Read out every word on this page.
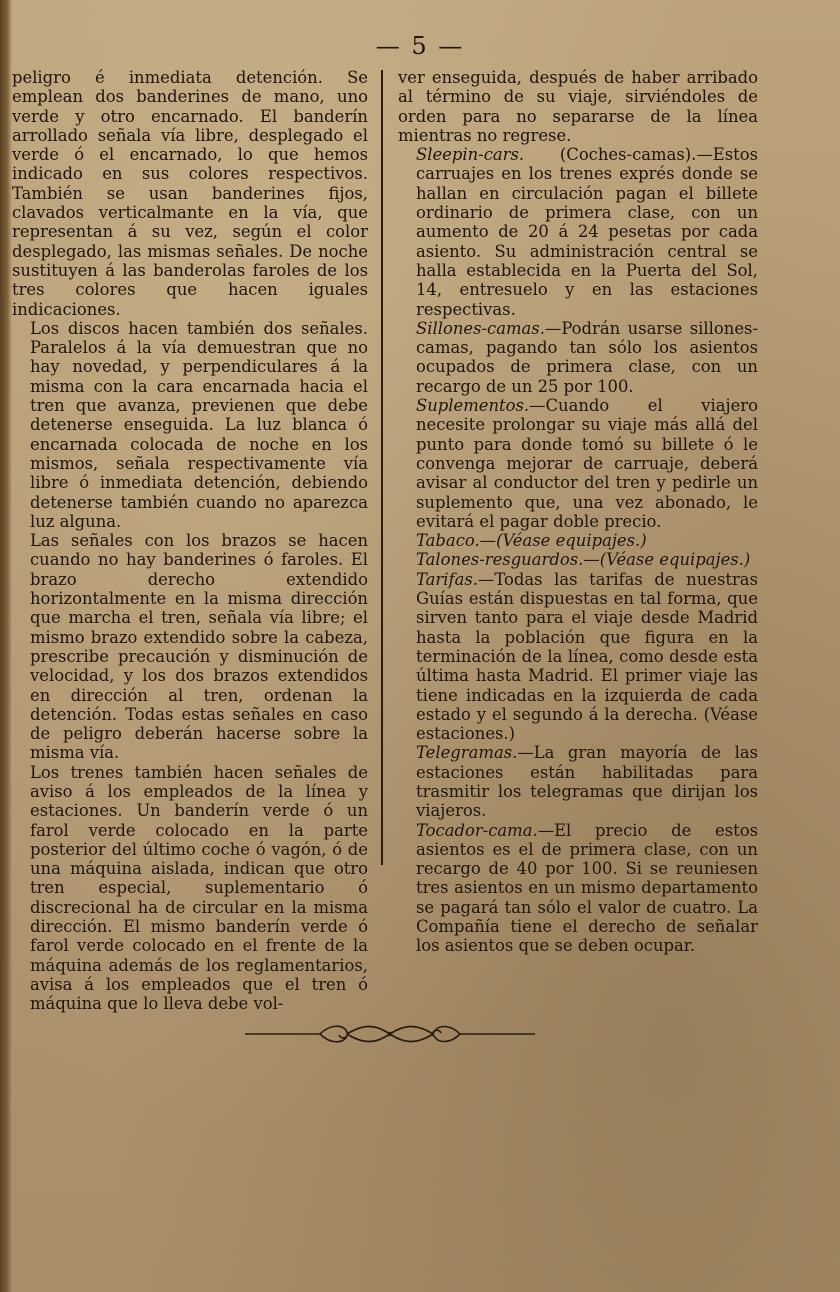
— 5 —

peligro é inmediata detención. Se emplean dos banderines de mano, uno verde y otro encarnado. El banderín arrollado señala vía libre, desplegado el verde ó el encarnado, lo que hemos indicado en sus colores respectivos. También se usan banderines fijos, clavados verticalmante en la vía, que representan á su vez, según el color desplegado, las mismas señales. De noche sustituyen á las banderolas faroles de los tres colores que hacen iguales indicaciones.

Los discos hacen también dos señales. Paralelos á la vía demuestran que no hay novedad, y perpendiculares á la misma con la cara encarnada hacia el tren que avanza, previenen que debe detenerse enseguida. La luz blanca ó encarnada colocada de noche en los mismos, señala respectivamente vía libre ó inmediata detención, debiendo detenerse también cuando no aparezca luz alguna.

Las señales con los brazos se hacen cuando no hay banderines ó faroles. El brazo derecho extendido horizontalmente en la misma dirección que marcha el tren, señala vía libre; el mismo brazo extendido sobre la cabeza, prescribe precaución y disminución de velocidad, y los dos brazos extendidos en dirección al tren, ordenan la detención. Todas estas señales en caso de peligro deberán hacerse sobre la misma vía.

Los trenes también hacen señales de aviso á los empleados de la línea y estaciones. Un banderín verde ó un farol verde colocado en la parte posterior del último coche ó vagón, ó de una máquina aislada, indican que otro tren especial, suplementario ó discrecional ha de circular en la misma dirección. El mismo banderín verde ó farol verde colocado en el frente de la máquina además de los reglamentarios, avisa á los empleados que el tren ó máquina que lo lleva debe vol-

ver enseguida, después de haber arribado al término de su viaje, sirviéndoles de orden para no separarse de la línea mientras no regrese.

Sleepin-cars. (Coches-camas).—Estos carruajes en los trenes exprés donde se hallan en circulación pagan el billete ordinario de primera clase, con un aumento de 20 á 24 pesetas por cada asiento. Su administración central se halla establecida en la Puerta del Sol, 14, entresuelo y en las estaciones respectivas.

Sillones-camas.—Podrán usarse sillones-camas, pagando tan sólo los asientos ocupados de primera clase, con un recargo de un 25 por 100.

Suplementos.—Cuando el viajero necesite prolongar su viaje más allá del punto para donde tomó su billete ó le convenga mejorar de carruaje, deberá avisar al conductor del tren y pedirle un suplemento que, una vez abonado, le evitará el pagar doble precio.

Tabaco.—(Véase equipajes.)

Talones-resguardos.—(Véase equipajes.)

Tarifas.—Todas las tarifas de nuestras Guías están dispuestas en tal forma, que sirven tanto para el viaje desde Madrid hasta la población que figura en la terminación de la línea, como desde esta última hasta Madrid. El primer viaje las tiene indicadas en la izquierda de cada estado y el segundo á la derecha. (Véase estaciones.)

Telegramas.—La gran mayoría de las estaciones están habilitadas para trasmitir los telegramas que dirijan los viajeros.

Tocador-cama.—El precio de estos asientos es el de primera clase, con un recargo de 40 por 100. Si se reuniesen tres asientos en un mismo departamento se pagará tan sólo el valor de cuatro. La Compañía tiene el derecho de señalar los asientos que se deben ocupar.
